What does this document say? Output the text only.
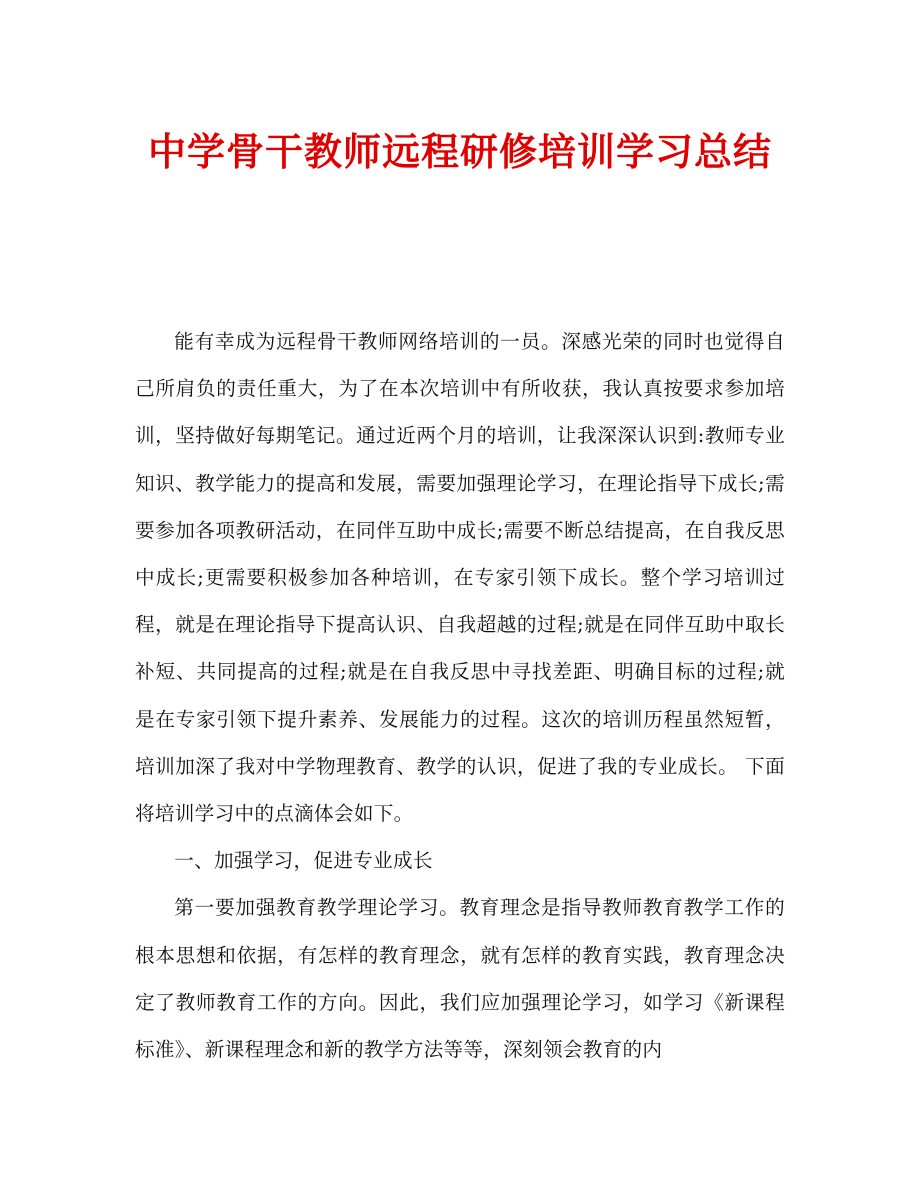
中学骨干教师远程研修培训学习总结

能有幸成为远程骨干教师网络培训的一员。深感光荣的同时也觉得自己所肩负的责任重大，为了在本次培训中有所收获，我认真按要求参加培训，坚持做好每期笔记。通过近两个月的培训，让我深深认识到:教师专业知识、教学能力的提高和发展，需要加强理论学习，在理论指导下成长;需要参加各项教研活动，在同伴互助中成长;需要不断总结提高，在自我反思中成长;更需要积极参加各种培训，在专家引领下成长。整个学习培训过程，就是在理论指导下提高认识、自我超越的过程;就是在同伴互助中取长补短、共同提高的过程;就是在自我反思中寻找差距、明确目标的过程;就是在专家引领下提升素养、发展能力的过程。这次的培训历程虽然短暂，培训加深了我对中学物理教育、教学的认识，促进了我的专业成长。 下面将培训学习中的点滴体会如下。

一、加强学习，促进专业成长

第一要加强教育教学理论学习。教育理念是指导教师教育教学工作的根本思想和依据，有怎样的教育理念，就有怎样的教育实践，教育理念决定了教师教育工作的方向。因此，我们应加强理论学习，如学习《新课程标准》、新课程理念和新的教学方法等等，深刻领会教育的内
